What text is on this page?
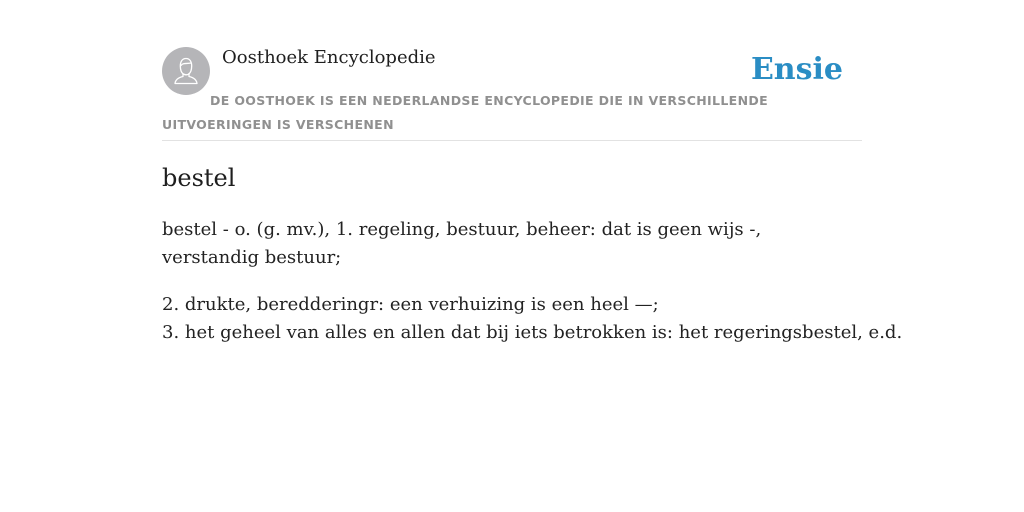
Oosthoek Encyclopedie	Ensie
DE OOSTHOEK IS EEN NEDERLANDSE ENCYCLOPEDIE DIE IN VERSCHILLENDE UITVOERINGEN IS VERSCHENEN
bestel

bestel - o. (g. mv.), 1. regeling, bestuur, beheer: dat is geen wijs -, verstandig bestuur;

2. drukte, beredderingr: een verhuizing is een heel —;
3. het geheel van alles en allen dat bij iets betrokken is: het regeringsbestel, e.d.
